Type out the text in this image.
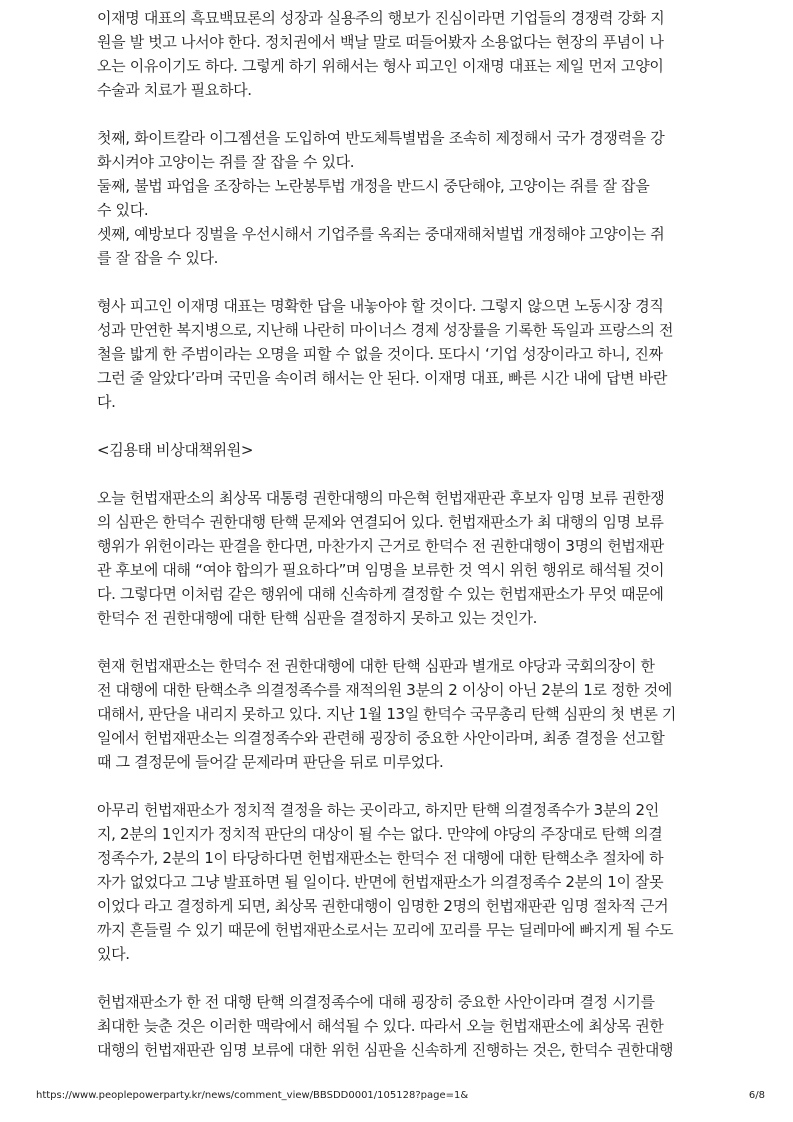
이재명 대표의 흑묘백묘론의 성장과 실용주의 행보가 진심이라면 기업들의 경쟁력 강화 지
원을 발 벗고 나서야 한다. 정치권에서 백날 말로 떠들어봤자 소용없다는 현장의 푸념이 나
오는 이유이기도 하다. 그렇게 하기 위해서는 형사 피고인 이재명 대표는 제일 먼저 고양이
수술과 치료가 필요하다.
첫째, 화이트칼라 이그젬션을 도입하여 반도체특별법을 조속히 제정해서 국가 경쟁력을 강
화시켜야 고양이는 쥐를 잘 잡을 수 있다.
둘째, 불법 파업을 조장하는 노란봉투법 개정을 반드시 중단해야, 고양이는 쥐를 잘 잡을
수 있다.
셋째, 예방보다 징벌을 우선시해서 기업주를 옥죄는 중대재해처벌법 개정해야 고양이는 쥐
를 잘 잡을 수 있다.
형사 피고인 이재명 대표는 명확한 답을 내놓아야 할 것이다. 그렇지 않으면 노동시장 경직
성과 만연한 복지병으로, 지난해 나란히 마이너스 경제 성장률을 기록한 독일과 프랑스의 전
철을 밟게 한 주범이라는 오명을 피할 수 없을 것이다. 또다시 ‘기업 성장이라고 하니, 진짜
그런 줄 알았다’라며 국민을 속이려 해서는 안 된다. 이재명 대표, 빠른 시간 내에 답변 바란
다.
<김용태 비상대책위원>
오늘 헌법재판소의 최상목 대통령 권한대행의 마은혁 헌법재판관 후보자 임명 보류 권한쟁
의 심판은 한덕수 권한대행 탄핵 문제와 연결되어 있다. 헌법재판소가 최 대행의 임명 보류
행위가 위헌이라는 판결을 한다면, 마찬가지 근거로 한덕수 전 권한대행이 3명의 헌법재판
관 후보에 대해 “여야 합의가 필요하다”며 임명을 보류한 것 역시 위헌 행위로 해석될 것이
다. 그렇다면 이처럼 같은 행위에 대해 신속하게 결정할 수 있는 헌법재판소가 무엇 때문에
한덕수 전 권한대행에 대한 탄핵 심판을 결정하지 못하고 있는 것인가.
현재 헌법재판소는 한덕수 전 권한대행에 대한 탄핵 심판과 별개로 야당과 국회의장이 한
전 대행에 대한 탄핵소추 의결정족수를 재적의원 3분의 2 이상이 아닌 2분의 1로 정한 것에
대해서, 판단을 내리지 못하고 있다. 지난 1월 13일 한덕수 국무총리 탄핵 심판의 첫 변론 기
일에서 헌법재판소는 의결정족수와 관련해 굉장히 중요한 사안이라며, 최종 결정을 선고할
때 그 결정문에 들어갈 문제라며 판단을 뒤로 미루었다.
아무리 헌법재판소가 정치적 결정을 하는 곳이라고, 하지만 탄핵 의결정족수가 3분의 2인
지, 2분의 1인지가 정치적 판단의 대상이 될 수는 없다. 만약에 야당의 주장대로 탄핵 의결
정족수가, 2분의 1이 타당하다면 헌법재판소는 한덕수 전 대행에 대한 탄핵소추 절차에 하
자가 없었다고 그냥 발표하면 될 일이다. 반면에 헌법재판소가 의결정족수 2분의 1이 잘못
이었다 라고 결정하게 되면, 최상목 권한대행이 임명한 2명의 헌법재판관 임명 절차적 근거
까지 흔들릴 수 있기 때문에 헌법재판소로서는 꼬리에 꼬리를 무는 딜레마에 빠지게 될 수도
있다.
헌법재판소가 한 전 대행 탄핵 의결정족수에 대해 굉장히 중요한 사안이라며 결정 시기를
최대한 늦춘 것은 이러한 맥락에서 해석될 수 있다. 따라서 오늘 헌법재판소에 최상목 권한
대행의 헌법재판관 임명 보류에 대한 위헌 심판을 신속하게 진행하는 것은, 한덕수 권한대행
https://www.peoplepowerparty.kr/news/comment_view/BBSDD0001/105128?page=1&	6/8
